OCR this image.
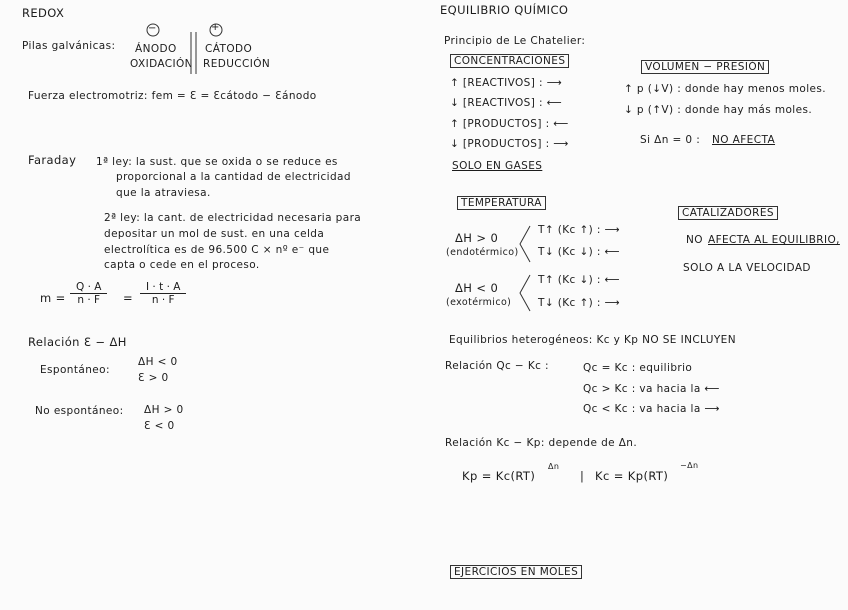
REDOX
Pilas galvánicas:
−
ÁNODO
OXIDACIÓN
+
CÁTODO
REDUCCIÓN
Fuerza electromotriz: fem = Ɛ = Ɛcátodo − Ɛánodo
Faraday 1ª ley: la sust. que se oxida o se reduce es
proporcional a la cantidad de electricidad
que la atraviesa.
2ª ley: la cant. de electricidad necesaria para
depositar un mol de sust. en una celda
electrolítica es de 96.500 C × nº e⁻ que
capta o cede en el proceso.
$m = \frac{Q \cdot A}{n \cdot F} = \frac{I \cdot t \cdot A}{n \cdot F}$
Relación Ɛ − ΔH
Espontáneo:
ΔH < 0
Ɛ > 0
No espontáneo: ΔH > 0
Ɛ < 0
EQUILIBRIO QUÍMICO
Principio de Le Chatelier:
CONCENTRACIONES
↑ [REACTIVOS] : ⟶
↓ [REACTIVOS] : ⟵
↑ [PRODUCTOS] : ⟵
↓ [PRODUCTOS] : ⟶
SOLO EN GASES
VOLUMEN − PRESIÓN
↑ p (↓V) : donde hay menos moles.
↓ p (↑V) : donde hay más moles.
Si Δn = 0 : NO AFECTA
TEMPERATURA
ΔH > 0
(endotérmico)
T↑ (Kc ↑) : ⟶
T↓ (Kc ↓) : ⟵
ΔH < 0
(exotérmico)
T↑ (Kc ↓) : ⟵
T↓ (Kc ↑) : ⟶
CATALIZADORES
NO AFECTA AL EQUILIBRIO,
SOLO A LA VELOCIDAD
Equilibrios heterogéneos: Kc y Kp NO SE INCLUYEN
Relación Qc − Kc :	Qc = Kc : equilibrio
Qc > Kc : va hacia la ⟵
Qc < Kc : va hacia la ⟶
Relación Kc − Kp: depende de Δn.
Kp = Kc(RT)
Δn
| Kc = Kp(RT)
−Δn
EJERCICIOS EN MOLES
